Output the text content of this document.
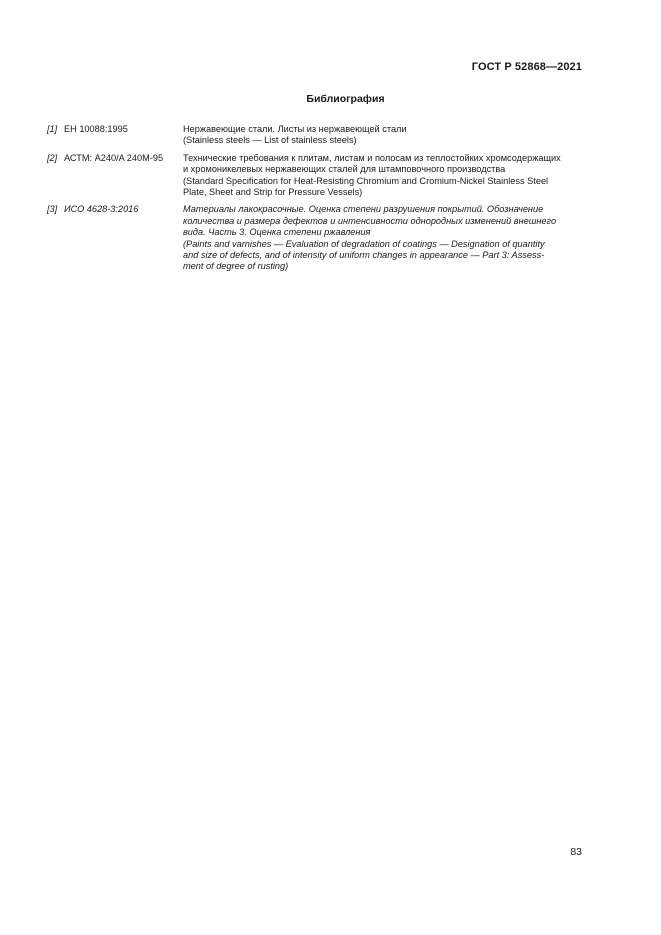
ГОСТ Р 52868—2021
Библиография
[1] ЕН 10088:1995	Нержавеющие стали. Листы из нержавеющей стали
(Stainless steels — List of stainless steels)
[2] АСТМ: A240/A 240M-95	Технические требования к плитам, листам и полосам из теплостойких хромсодержащих
и хромоникелевых нержавеющих сталей для штамповочного производства
(Standard Specification for Heat-Resisting Chromium and Cromium-Nickel Stainless Steel
Plate, Sheet and Strip for Pressure Vessels)
[3] ИСО 4628-3:2016	Материалы лакокрасочные. Оценка степени разрушения покрытий. Обозначение
количества и размера дефектов и интенсивности однородных изменений внешнего
вида. Часть 3. Оценка степени ржавления
(Paints and varnishes — Evaluation of degradation of coatings — Designation of quantity
and size of defects, and of intensity of uniform changes in appearance — Part 3: Assess-
ment of degree of rusting)
83
